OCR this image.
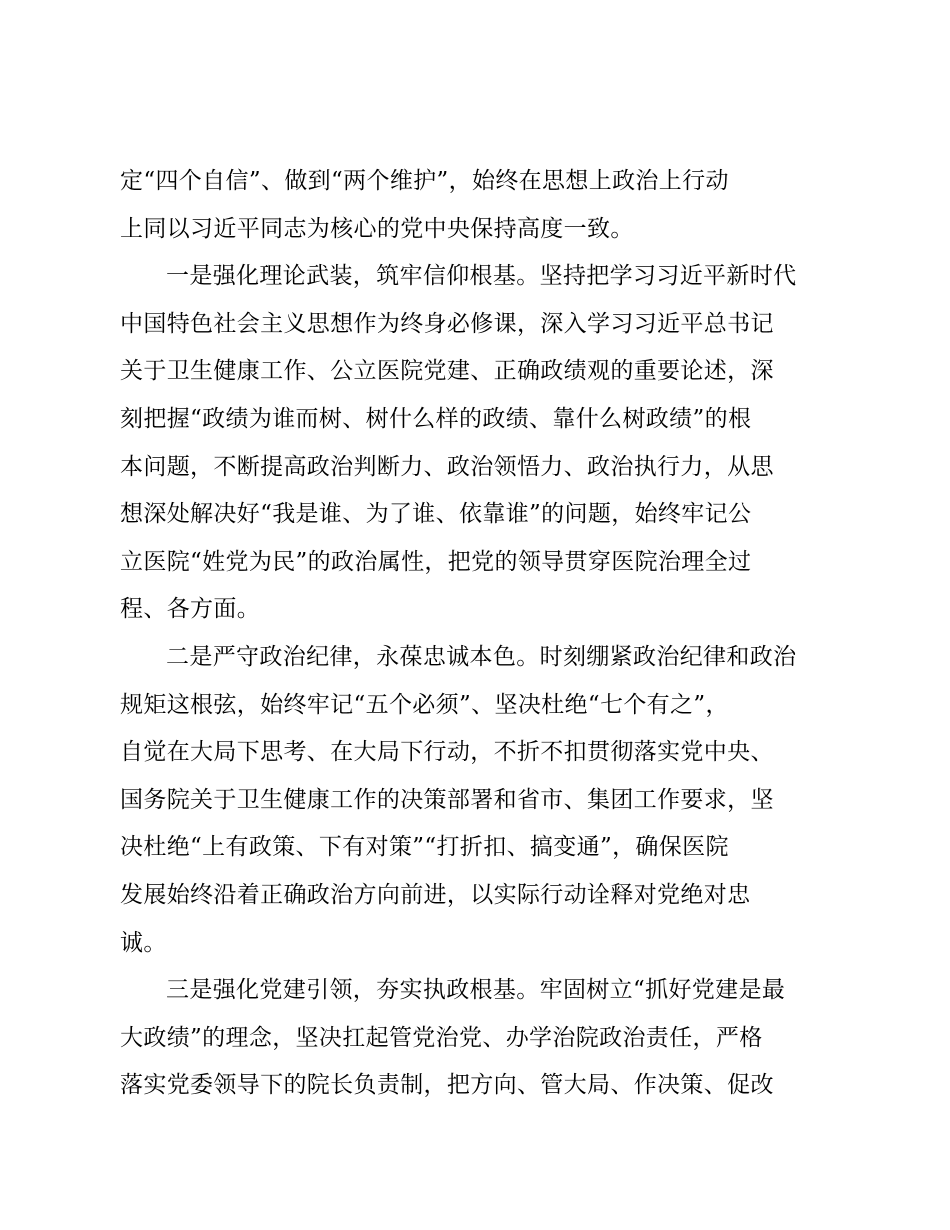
定“四个自信”、做到“两个维护”，始终在思想上政治上行动
上同以习近平同志为核心的党中央保持高度一致。
一是强化理论武装，筑牢信仰根基。坚持把学习习近平新时代
中国特色社会主义思想作为终身必修课，深入学习习近平总书记
关于卫生健康工作、公立医院党建、正确政绩观的重要论述，深
刻把握“政绩为谁而树、树什么样的政绩、靠什么树政绩”的根
本问题，不断提高政治判断力、政治领悟力、政治执行力，从思
想深处解决好“我是谁、为了谁、依靠谁”的问题，始终牢记公
立医院“姓党为民”的政治属性，把党的领导贯穿医院治理全过
程、各方面。
二是严守政治纪律，永葆忠诚本色。时刻绷紧政治纪律和政治
规矩这根弦，始终牢记“五个必须”、坚决杜绝“七个有之”，
自觉在大局下思考、在大局下行动，不折不扣贯彻落实党中央、
国务院关于卫生健康工作的决策部署和省市、集团工作要求，坚
决杜绝“上有政策、下有对策”“打折扣、搞变通”，确保医院
发展始终沿着正确政治方向前进，以实际行动诠释对党绝对忠
诚。
三是强化党建引领，夯实执政根基。牢固树立“抓好党建是最
大政绩”的理念，坚决扛起管党治党、办学治院政治责任，严格
落实党委领导下的院长负责制，把方向、管大局、作决策、促改
